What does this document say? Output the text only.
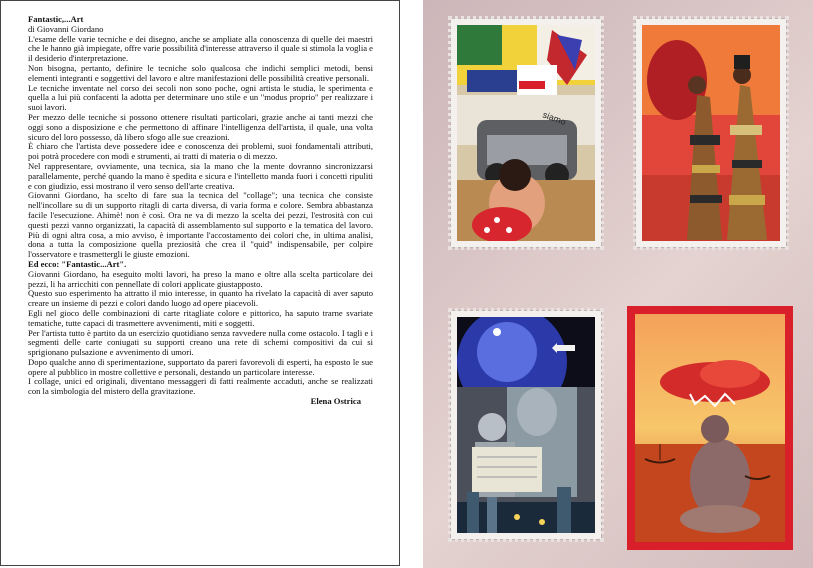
Fantastic,...Art

di Giovanni Giordano

L'esame delle varie tecniche e dei disegno, anche se ampliate alla conoscenza di quelle dei maestri che le hanno già impiegate, offre varie possibilità d'interesse attraverso il quale si stimola la voglia e il desiderio d'interpretazione.

Non bisogna, pertanto, definire le tecniche solo qualcosa che indichi semplici metodi, bensi elementi integranti e soggettivi del lavoro e altre manifestazioni delle possibilità creative personali.

Le tecniche inventate nel corso dei secoli non sono poche, ogni artista le studia, le sperimenta e quella a lui più confacenti la adotta per determinare uno stile e un "modus proprio" per realizzare i suoi lavori.

Per mezzo delle tecniche si possono ottenere risultati particolari, grazie anche ai tanti mezzi che oggi sono a disposizione e che permettono di affinare l'intelligenza dell'artista, il quale, una volta sicuro del loro possesso, dà libero sfogo alle sue creazioni.

È chiaro che l'artista deve possedere idee e conoscenza dei problemi, suoi fondamentali attributi, poi potrà procedere con modi e strumenti, ai tratti di materia o di mezzo.

Nel rappresentare, ovviamente, una tecnica, sia la mano che la mente dovranno sincronizzarsi parallelamente, perché quando la mano è spedita e sicura e l'intelletto manda fuori i concetti ripuliti e con giudizio, essi mostrano il vero senso dell'arte creativa.

Giovanni Giordano, ha scelto di fare sua la tecnica del "collage"; una tecnica che consiste nell'incollare su di un supporto ritagli di carta diversa, di varia forma e colore. Sembra abbastanza facile l'esecuzione. Ahimè! non è così. Ora ne va di mezzo la scelta dei pezzi, l'estrosità con cui questi pezzi vanno organizzati, la capacità di assemblamento sul supporto e la tematica del lavoro. Più di ogni altra cosa, a mio avviso, è importante l'accostamento dei colori che, in ultima analisi, dona a tutta la composizione quella preziosità che crea il "quid" indispensabile, per colpire l'osservatore e trasmettergli le giuste emozioni.

Ed ecco: "Fantastic...Art".

Giovanni Giordano, ha eseguito molti lavori, ha preso la mano e oltre alla scelta particolare dei pezzi, li ha arricchiti con pennellate di colori applicate giustapposto.

Questo suo esperimento ha attratto il mio interesse, in quanto ha rivelato la capacità di aver saputo creare un insieme di pezzi e colori dando luogo ad opere piacevoli.

Egli nel gioco delle combinazioni di carte ritagliate colore e pittorico, ha saputo trarne svariate tematiche, tutte capaci di trasmettere avvenimenti, miti e soggetti.

Per l'artista tutto è partito da un esercizio quotidiano senza ravvedere nulla come ostacolo. I tagli e i segmenti delle carte coniugati su supporti creano una rete di schemi compositivi da cui si sprigionano pulsazione e avvenimento di umori.

Dopo qualche anno di sperimentazione, supportato da pareri favorevoli di esperti, ha esposto le sue opere al pubblico in mostre collettive e personali, destando un particolare interesse.

I collage, unici ed originali, diventano messaggeri di fatti realmente accaduti, anche se realizzati con la simbologia del mistero della gravitazione.

Elena Ostrica

siamo
